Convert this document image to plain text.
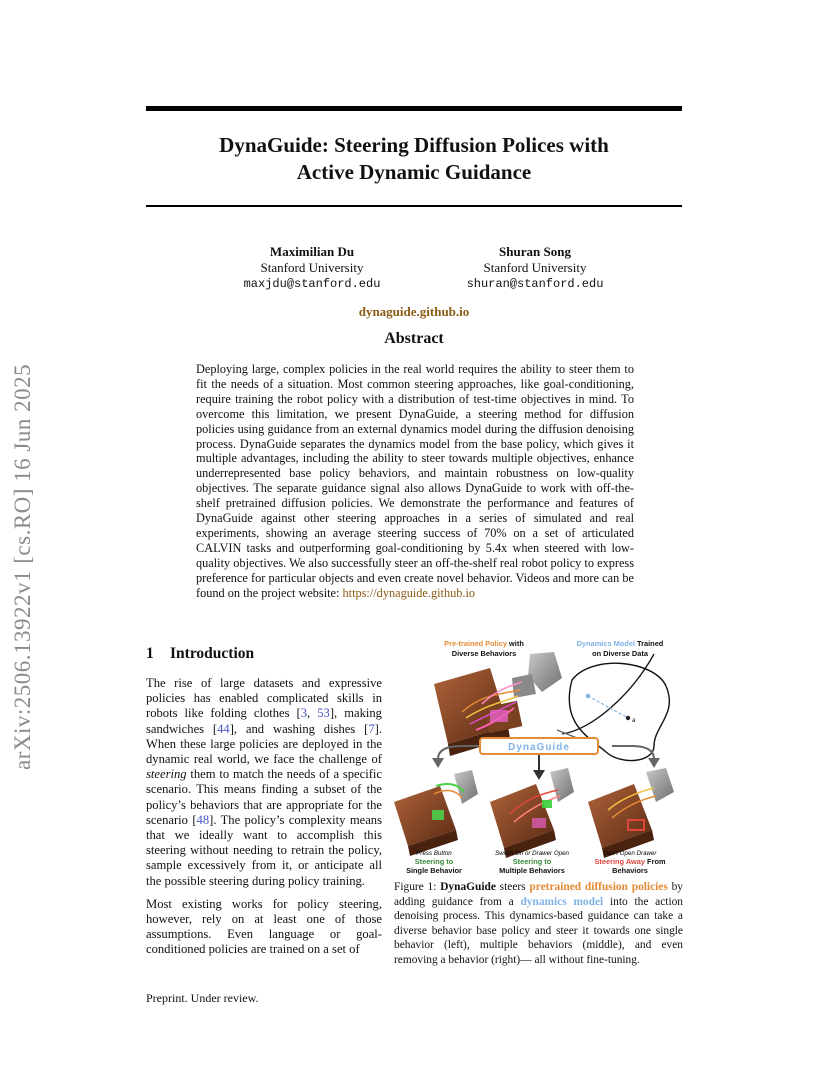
arXiv:2506.13922v1 [cs.RO] 16 Jun 2025
DynaGuide: Steering Diffusion Polices with
Active Dynamic Guidance
Maximilian Du
Stanford University
maxjdu@stanford.edu
Shuran Song
Stanford University
shuran@stanford.edu
dynaguide.github.io
Abstract

Deploying large, complex policies in the real world requires the ability to steer them to fit the needs of a situation. Most common steering approaches, like goal-conditioning, require training the robot policy with a distribution of test-time objectives in mind. To overcome this limitation, we present DynaGuide, a steering method for diffusion policies using guidance from an external dynamics model during the diffusion denoising process. DynaGuide separates the dynamics model from the base policy, which gives it multiple advantages, including the ability to steer towards multiple objectives, enhance underrepresented base policy behaviors, and maintain robustness on low-quality objectives. The separate guidance signal also allows DynaGuide to work with off-the-shelf pretrained diffusion policies. We demonstrate the performance and features of DynaGuide against other steering approaches in a series of simulated and real experiments, showing an average steering success of 70% on a set of articulated CALVIN tasks and outperforming goal-conditioning by 5.4x when steered with low-quality objectives. We also successfully steer an off-the-shelf real robot policy to express preference for particular objects and even create novel behavior. Videos and more can be found on the project website: https://dynaguide.github.io

1 Introduction

The rise of large datasets and expressive policies has enabled complicated skills in robots like folding clothes [3, 53], making sandwiches [44], and washing dishes [7]. When these large policies are deployed in the dynamic real world, we face the challenge of steering them to match the needs of a specific scenario. This means finding a subset of the policy’s behaviors that are appropriate for the scenario [48]. The policy’s complexity means that we ideally want to accomplish this steering without needing to retrain the policy, sample excessively from it, or anticipate all the possible steering during policy training.

Most existing works for policy steering, however, rely on at least one of those assumptions. Even language or goal-conditioned policies are trained on a set of

Pre-trained Policy with
Diverse Behaviors
Dynamics Model Trained
on Diverse Data
a
DynaGuide
Press Button
Steering to
Single Behavior
Switch On or Drawer Open
Steering to
Multiple Behaviors
Don’t Open Drawer
Steering Away From
Behaviors
Figure 1: DynaGuide steers pretrained diffusion policies by adding guidance from a dynamics model into the action denoising process. This dynamics-based guidance can take a diverse behavior base policy and steer it towards one single behavior (left), multiple behaviors (middle), and even removing a behavior (right)— all without fine-tuning.
Preprint. Under review.
